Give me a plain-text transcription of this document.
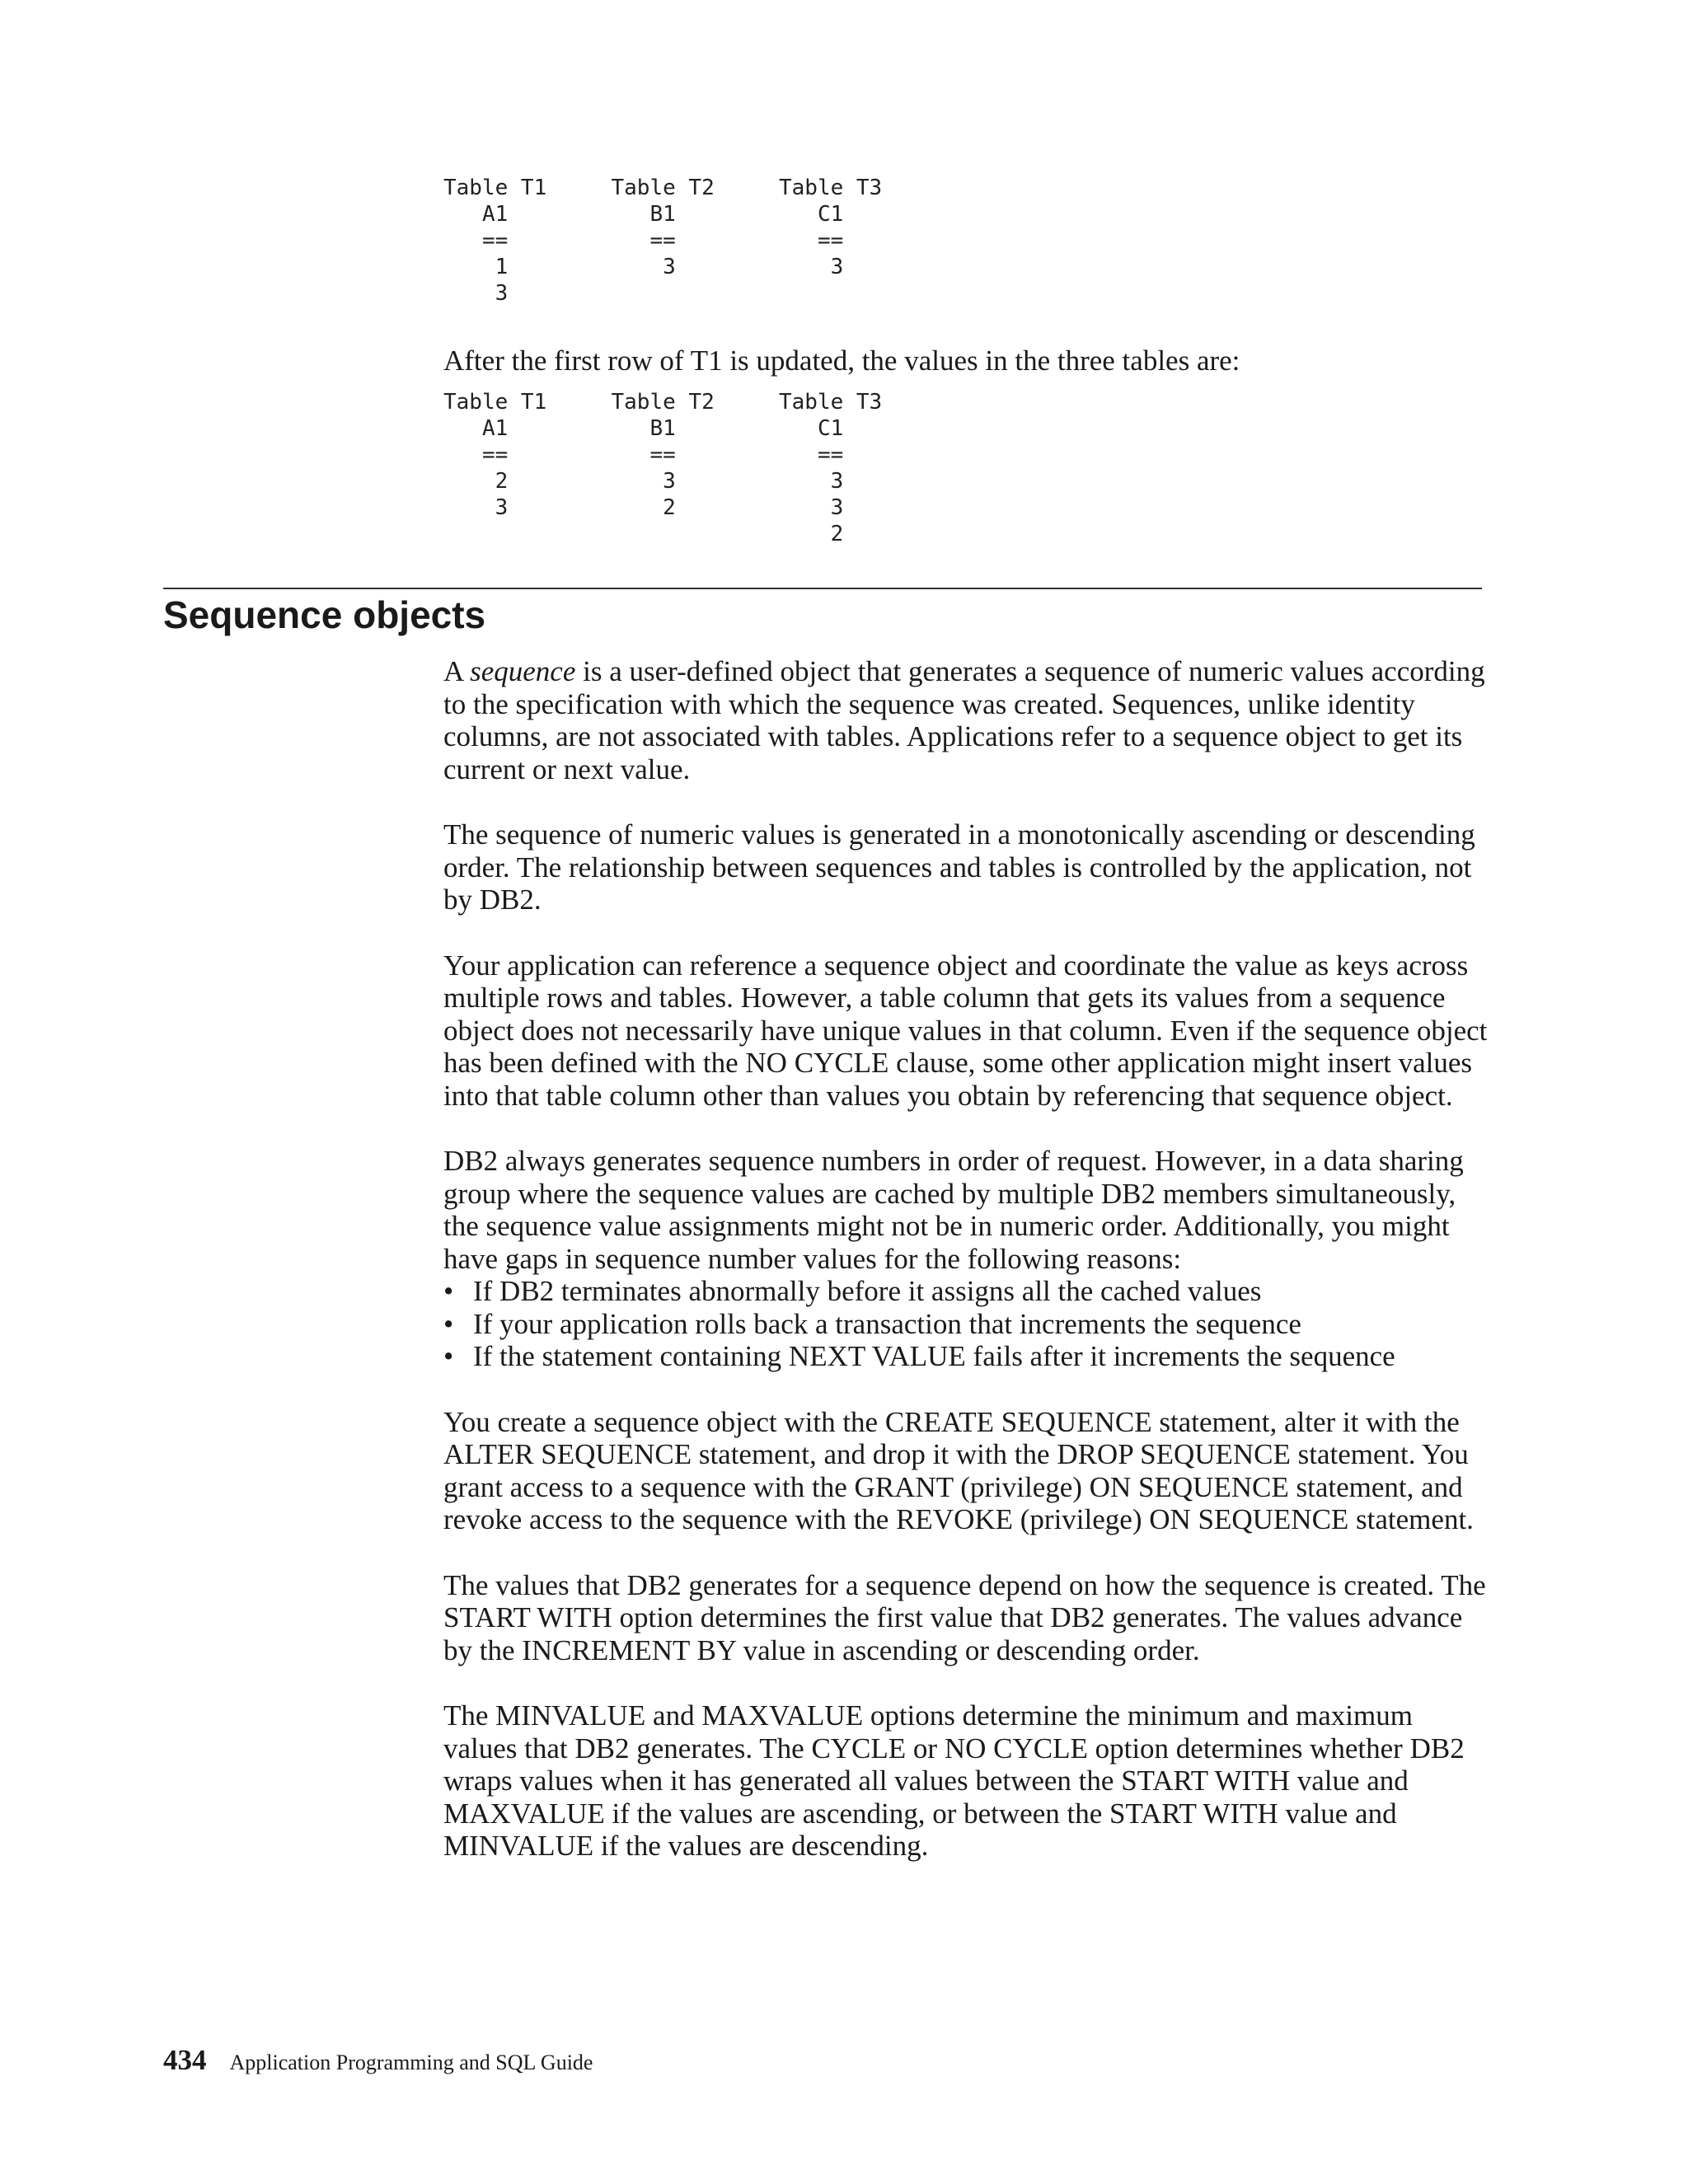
Table T1     Table T2     Table T3
A1           B1           C1
==           ==           ==
1            3            3
3

After the first row of T1 is updated, the values in the three tables are:

Table T1     Table T2     Table T3
A1           B1           C1
==           ==           ==
2            3            3
3            2            3
2
Sequence objects

A sequence is a user-defined object that generates a sequence of numeric values according to the specification with which the sequence was created. Sequences, unlike identity columns, are not associated with tables. Applications refer to a sequence object to get its current or next value.

The sequence of numeric values is generated in a monotonically ascending or descending order. The relationship between sequences and tables is controlled by the application, not by DB2.

Your application can reference a sequence object and coordinate the value as keys across multiple rows and tables. However, a table column that gets its values from a sequence object does not necessarily have unique values in that column. Even if the sequence object has been defined with the NO CYCLE clause, some other application might insert values into that table column other than values you obtain by referencing that sequence object.

DB2 always generates sequence numbers in order of request. However, in a data sharing group where the sequence values are cached by multiple DB2 members simultaneously, the sequence value assignments might not be in numeric order. Additionally, you might have gaps in sequence number values for the following reasons:

• If DB2 terminates abnormally before it assigns all the cached values
• If your application rolls back a transaction that increments the sequence
• If the statement containing NEXT VALUE fails after it increments the sequence

You create a sequence object with the CREATE SEQUENCE statement, alter it with the ALTER SEQUENCE statement, and drop it with the DROP SEQUENCE statement. You grant access to a sequence with the GRANT (privilege) ON SEQUENCE statement, and revoke access to the sequence with the REVOKE (privilege) ON SEQUENCE statement.

The values that DB2 generates for a sequence depend on how the sequence is created. The START WITH option determines the first value that DB2 generates. The values advance by the INCREMENT BY value in ascending or descending order.

The MINVALUE and MAXVALUE options determine the minimum and maximum values that DB2 generates. The CYCLE or NO CYCLE option determines whether DB2 wraps values when it has generated all values between the START WITH value and MAXVALUE if the values are ascending, or between the START WITH value and MINVALUE if the values are descending.

434 Application Programming and SQL Guide
